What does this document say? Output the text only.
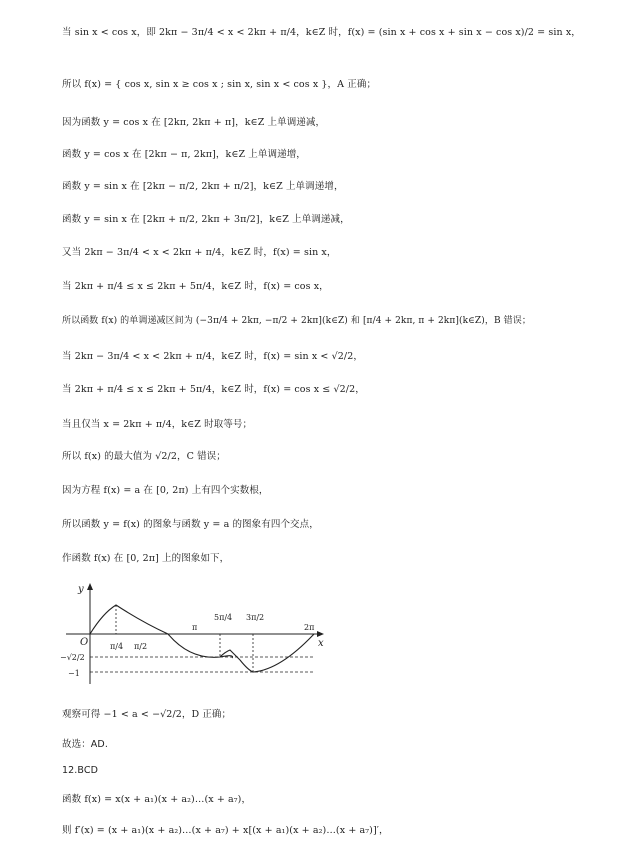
当 sin x < cos x，即 2kπ − 3π/4 < x < 2kπ + π/4，k∈Z 时，f(x) = (sin x + cos x + sin x − cos x)/2 = sin x，
所以 f(x) = { cos x, sin x ≥ cos x ; sin x, sin x < cos x }，A 正确；
因为函数 y = cos x 在 [2kπ, 2kπ + π]，k∈Z 上单调递减，
函数 y = cos x 在 [2kπ − π, 2kπ]，k∈Z 上单调递增，
函数 y = sin x 在 [2kπ − π/2, 2kπ + π/2]，k∈Z 上单调递增，
函数 y = sin x 在 [2kπ + π/2, 2kπ + 3π/2]，k∈Z 上单调递减，
又当 2kπ − 3π/4 < x < 2kπ + π/4，k∈Z 时，f(x) = sin x，
当 2kπ + π/4 ≤ x ≤ 2kπ + 5π/4，k∈Z 时，f(x) = cos x，
所以函数 f(x) 的单调递减区间为 (−3π/4 + 2kπ, −π/2 + 2kπ](k∈Z) 和 [π/4 + 2kπ, π + 2kπ](k∈Z)，B 错误；
当 2kπ − 3π/4 < x < 2kπ + π/4，k∈Z 时，f(x) = sin x < √2/2，
当 2kπ + π/4 ≤ x ≤ 2kπ + 5π/4，k∈Z 时，f(x) = cos x ≤ √2/2，
当且仅当 x = 2kπ + π/4，k∈Z 时取等号；
所以 f(x) 的最大值为 √2/2，C 错误；
因为方程 f(x) = a 在 [0, 2π) 上有四个实数根，
所以函数 y = f(x) 的图象与函数 y = a 的图象有四个交点，
作函数 f(x) 在 [0, 2π] 上的图象如下，
y
x
O	π/4 π/2
π
5π/4 3π/2
2π
−√2/2
−1
观察可得 −1 < a < −√2/2，D 正确；
故选：AD.
12.BCD
函数 f(x) = x(x + a₁)(x + a₂)…(x + a₇)，
则 f′(x) = (x + a₁)(x + a₂)…(x + a₇) + x[(x + a₁)(x + a₂)…(x + a₇)]′，
